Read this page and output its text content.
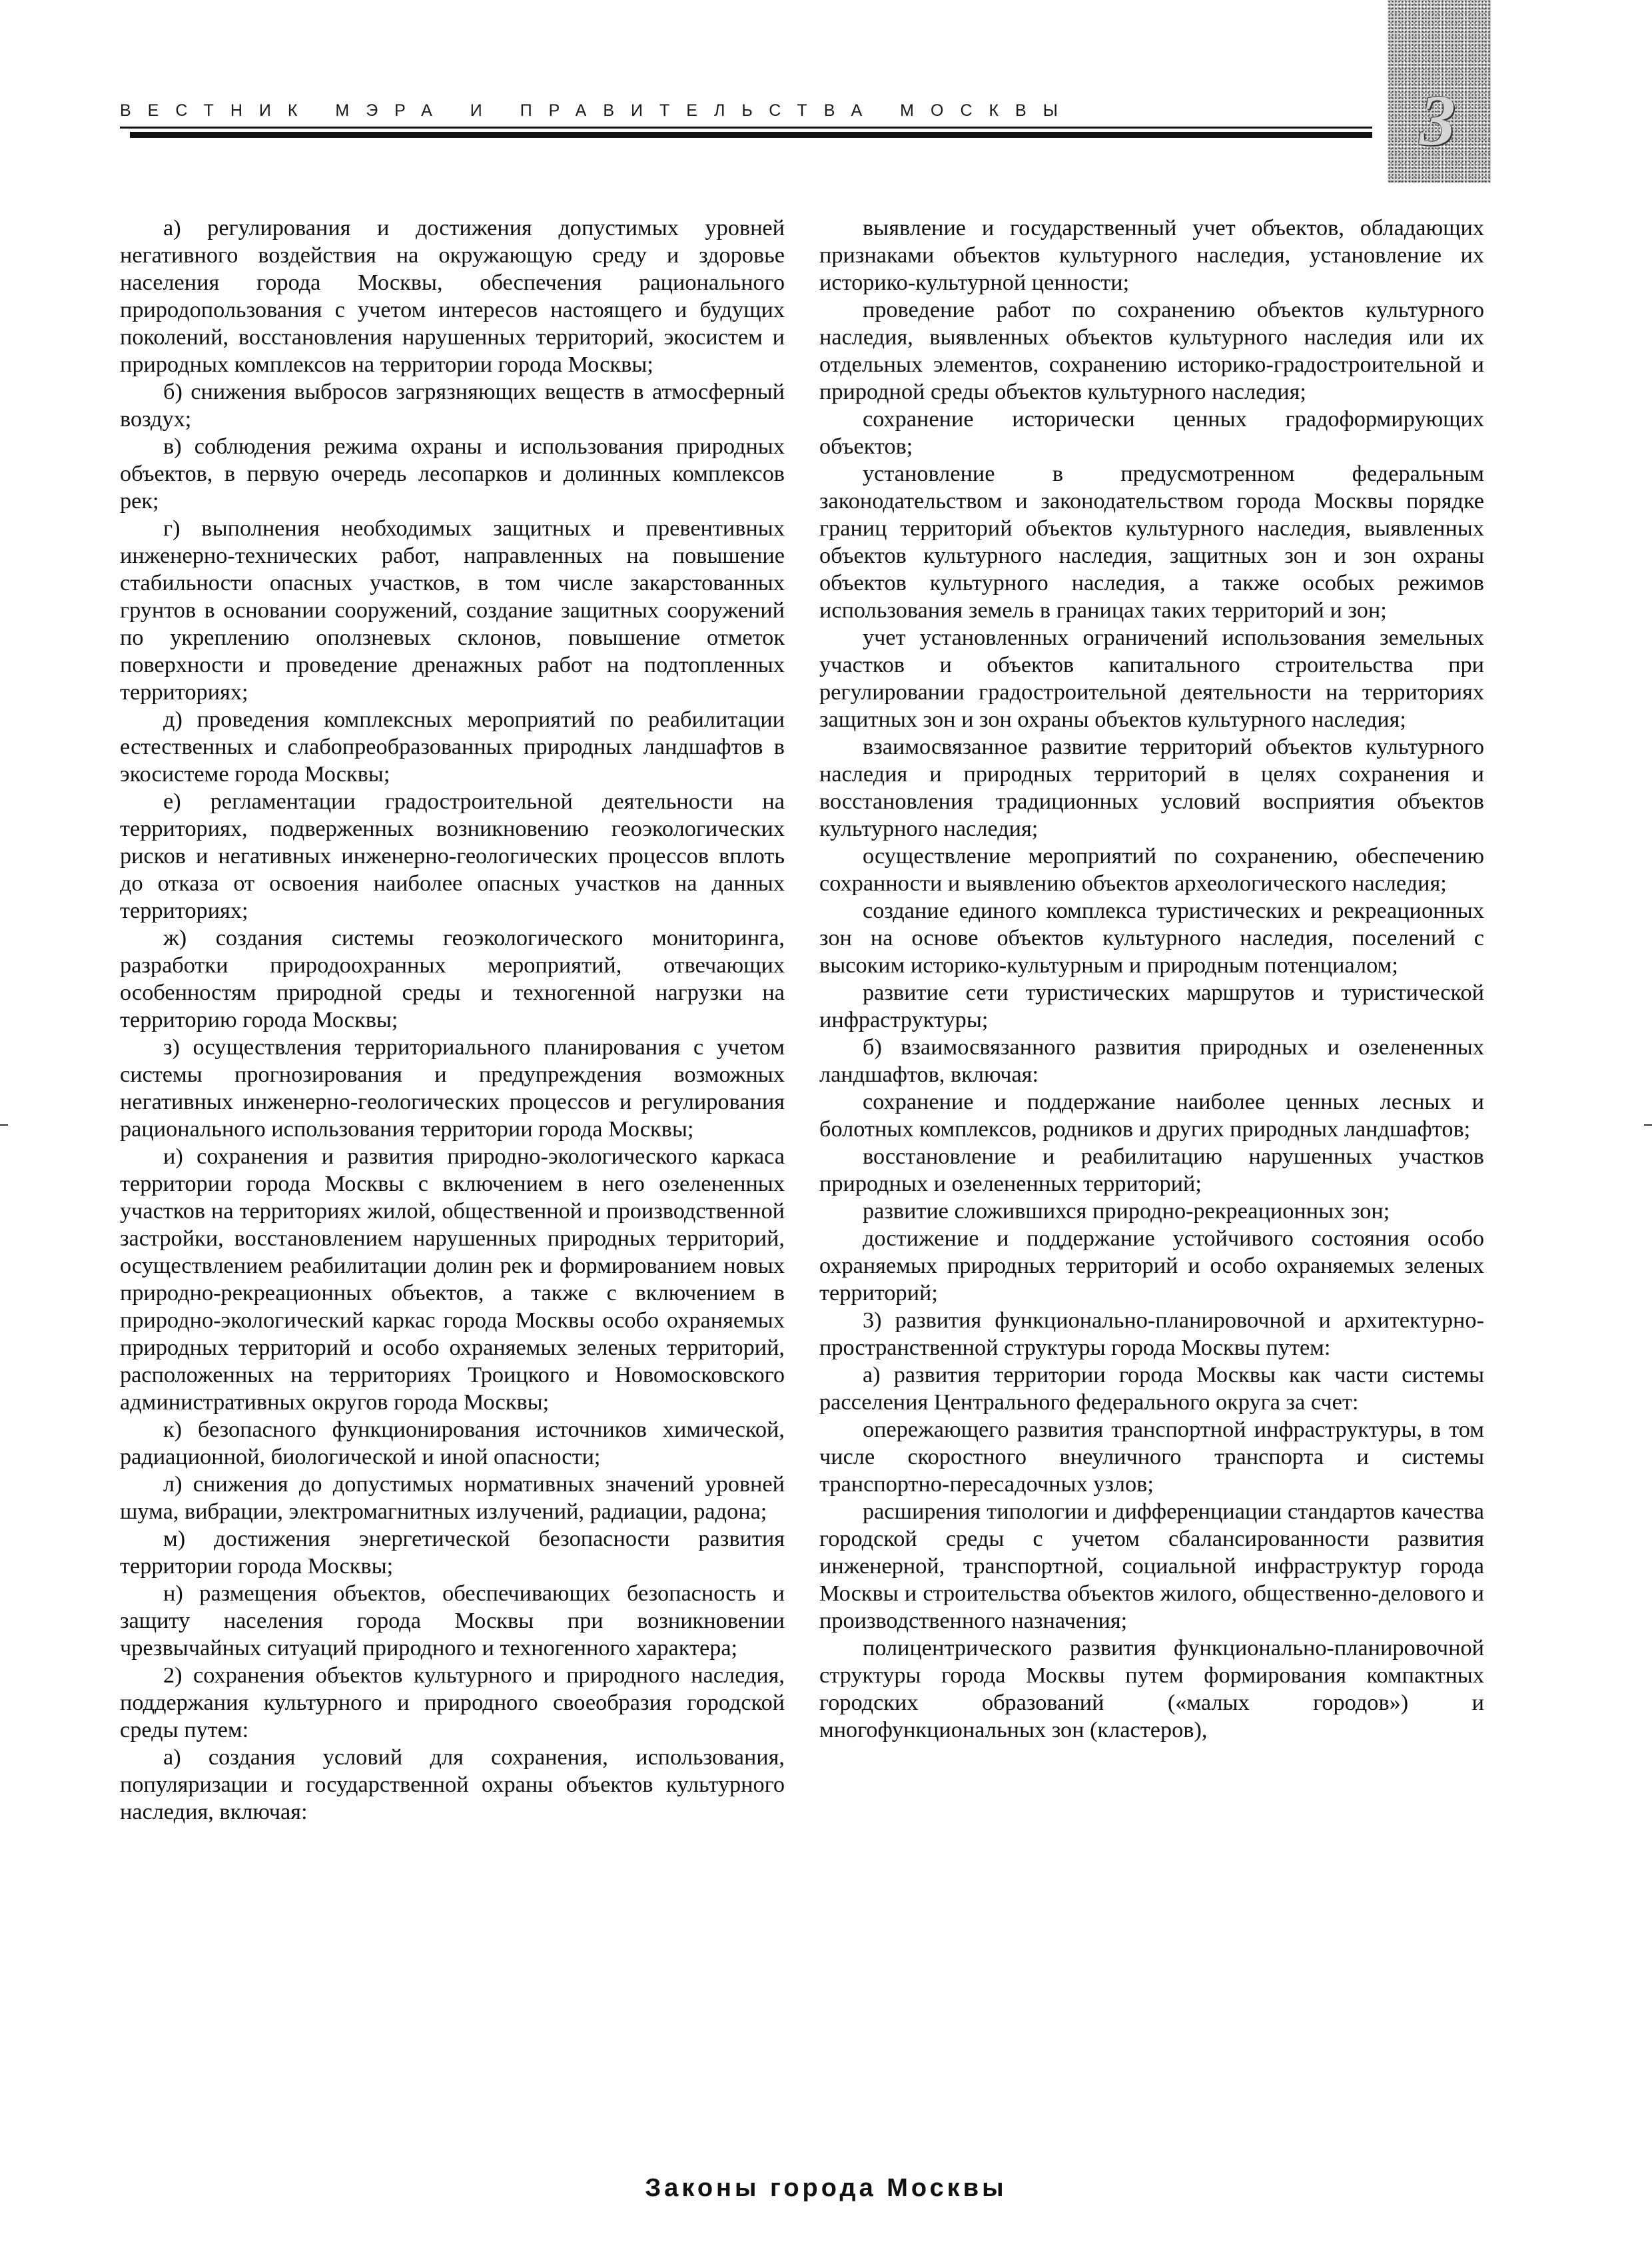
ВЕСТНИК МЭРА И ПРАВИТЕЛЬСТВА МОСКВЫ	3

а) регулирования и достижения допустимых уровней негативного воздействия на окружающую среду и здоровье населения города Москвы, обеспечения рационального природопользования с учетом интересов настоящего и будущих поколений, восстановления нарушенных территорий, экосистем и природных комплексов на территории города Москвы;

б) снижения выбросов загрязняющих веществ в атмосферный воздух;

в) соблюдения режима охраны и использования природных объектов, в первую очередь лесопарков и долинных комплексов рек;

г) выполнения необходимых защитных и превентивных инженерно-технических работ, направленных на повышение стабильности опасных участков, в том числе закарстованных грунтов в основании сооружений, создание защитных сооружений по укреплению оползневых склонов, повышение отметок поверхности и проведение дренажных работ на подтопленных территориях;

д) проведения комплексных мероприятий по реабилитации естественных и слабопреобразованных природных ландшафтов в экосистеме города Москвы;

е) регламентации градостроительной деятельности на территориях, подверженных возникновению геоэкологических рисков и негативных инженерно-геологических процессов вплоть до отказа от освоения наиболее опасных участков на данных территориях;

ж) создания системы геоэкологического мониторинга, разработки природоохранных мероприятий, отвечающих особенностям природной среды и техногенной нагрузки на территорию города Москвы;

з) осуществления территориального планирования с учетом системы прогнозирования и предупреждения возможных негативных инженерно-геологических процессов и регулирования рационального использования территории города Москвы;

и) сохранения и развития природно-экологического каркаса территории города Москвы с включением в него озелененных участков на территориях жилой, общественной и производственной застройки, восстановлением нарушенных природных территорий, осуществлением реабилитации долин рек и формированием новых природно-рекреационных объектов, а также с включением в природно-экологический каркас города Москвы особо охраняемых природных территорий и особо охраняемых зеленых территорий, расположенных на территориях Троицкого и Новомосковского административных округов города Москвы;

к) безопасного функционирования источников химической, радиационной, биологической и иной опасности;

л) снижения до допустимых нормативных значений уровней шума, вибрации, электромагнитных излучений, радиации, радона;

м) достижения энергетической безопасности развития территории города Москвы;

н) размещения объектов, обеспечивающих безопасность и защиту населения города Москвы при возникновении чрезвычайных ситуаций природного и техногенного характера;

2) сохранения объектов культурного и природного наследия, поддержания культурного и природного своеобразия городской среды путем:

а) создания условий для сохранения, использования, популяризации и государственной охраны объектов культурного наследия, включая:

выявление и государственный учет объектов, обладающих признаками объектов культурного наследия, установление их историко-культурной ценности;

проведение работ по сохранению объектов культурного наследия, выявленных объектов культурного наследия или их отдельных элементов, сохранению историко-градостроительной и природной среды объектов культурного наследия;

сохранение исторически ценных градоформирующих объектов;

установление в предусмотренном федеральным законодательством и законодательством города Москвы порядке границ территорий объектов культурного наследия, выявленных объектов культурного наследия, защитных зон и зон охраны объектов культурного наследия, а также особых режимов использования земель в границах таких территорий и зон;

учет установленных ограничений использования земельных участков и объектов капитального строительства при регулировании градостроительной деятельности на территориях защитных зон и зон охраны объектов культурного наследия;

взаимосвязанное развитие территорий объектов культурного наследия и природных территорий в целях сохранения и восстановления традиционных условий восприятия объектов культурного наследия;

осуществление мероприятий по сохранению, обеспечению сохранности и выявлению объектов археологического наследия;

создание единого комплекса туристических и рекреационных зон на основе объектов культурного наследия, поселений с высоким историко-культурным и природным потенциалом;

развитие сети туристических маршрутов и туристической инфраструктуры;

б) взаимосвязанного развития природных и озелененных ландшафтов, включая:

сохранение и поддержание наиболее ценных лесных и болотных комплексов, родников и других природных ландшафтов;

восстановление и реабилитацию нарушенных участков природных и озелененных территорий;

развитие сложившихся природно-рекреационных зон;

достижение и поддержание устойчивого состояния особо охраняемых природных территорий и особо охраняемых зеленых территорий;

3) развития функционально-планировочной и архитектурно-пространственной структуры города Москвы путем:

а) развития территории города Москвы как части системы расселения Центрального федерального округа за счет:

опережающего развития транспортной инфраструктуры, в том числе скоростного внеуличного транспорта и системы транспортно-пересадочных узлов;

расширения типологии и дифференциации стандартов качества городской среды с учетом сбалансированности развития инженерной, транспортной, социальной инфраструктур города Москвы и строительства объектов жилого, общественно-делового и производственного назначения;

полицентрического развития функционально-планировочной структуры города Москвы путем формирования компактных городских образований («малых городов») и многофункциональных зон (кластеров),

Законы города Москвы
